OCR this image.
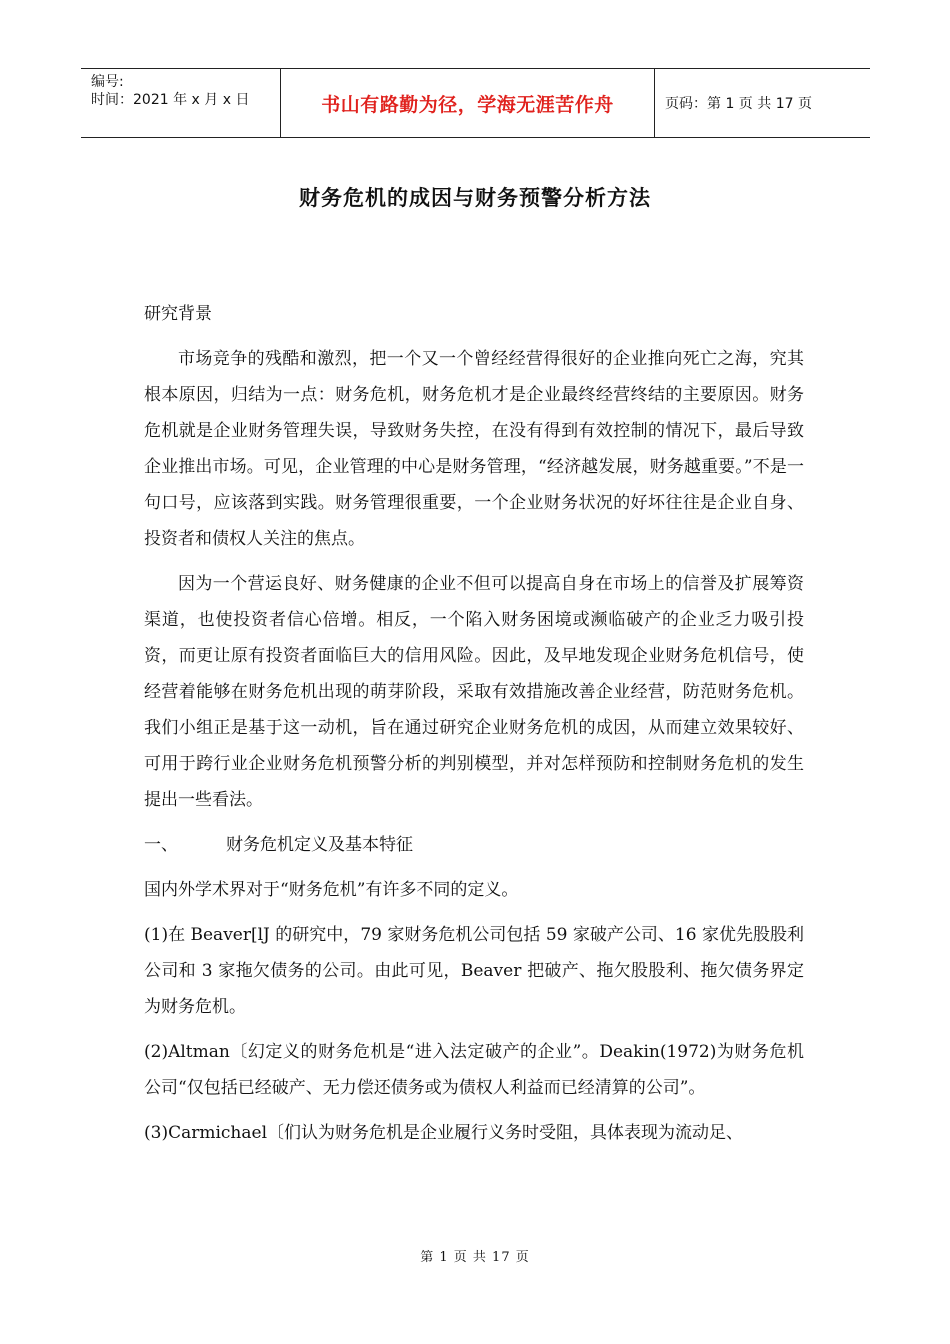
编号:
时间：2021 年 x 月 x 日	书山有路勤为径，学海无涯苦作舟	页码：第 1 页 共 17 页
财务危机的成因与财务预警分析方法

研究背景

市场竞争的残酷和激烈，把一个又一个曾经经营得很好的企业推向死亡之海，究其根本原因，归结为一点：财务危机，财务危机才是企业最终经营终结的主要原因。财务危机就是企业财务管理失误，导致财务失控，在没有得到有效控制的情况下，最后导致企业推出市场。可见，企业管理的中心是财务管理，“经济越发展，财务越重要。”不是一句口号，应该落到实践。财务管理很重要，一个企业财务状况的好坏往往是企业自身、投资者和债权人关注的焦点。

因为一个营运良好、财务健康的企业不但可以提高自身在市场上的信誉及扩展筹资渠道，也使投资者信心倍增。相反，一个陷入财务困境或濒临破产的企业乏力吸引投资，而更让原有投资者面临巨大的信用风险。因此，及早地发现企业财务危机信号，使经营着能够在财务危机出现的萌芽阶段，采取有效措施改善企业经营，防范财务危机。我们小组正是基于这一动机，旨在通过研究企业财务危机的成因，从而建立效果较好、可用于跨行业企业财务危机预警分析的判别模型，并对怎样预防和控制财务危机的发生提出一些看法。

一、	财务危机定义及基本特征

国内外学术界对于“财务危机”有许多不同的定义。

(1)在 Beaver[lJ 的研究中，79 家财务危机公司包括 59 家破产公司、16 家优先股股利公司和 3 家拖欠债务的公司。由此可见，Beaver 把破产、拖欠股股利、拖欠债务界定为财务危机。

(2)Altman〔幻定义的财务危机是“进入法定破产的企业”。Deakin(1972)为财务危机公司“仅包括已经破产、无力偿还债务或为债权人利益而已经清算的公司”。

(3)Carmichael〔们认为财务危机是企业履行义务时受阻，具体表现为流动足、

第 1 页 共 17 页
